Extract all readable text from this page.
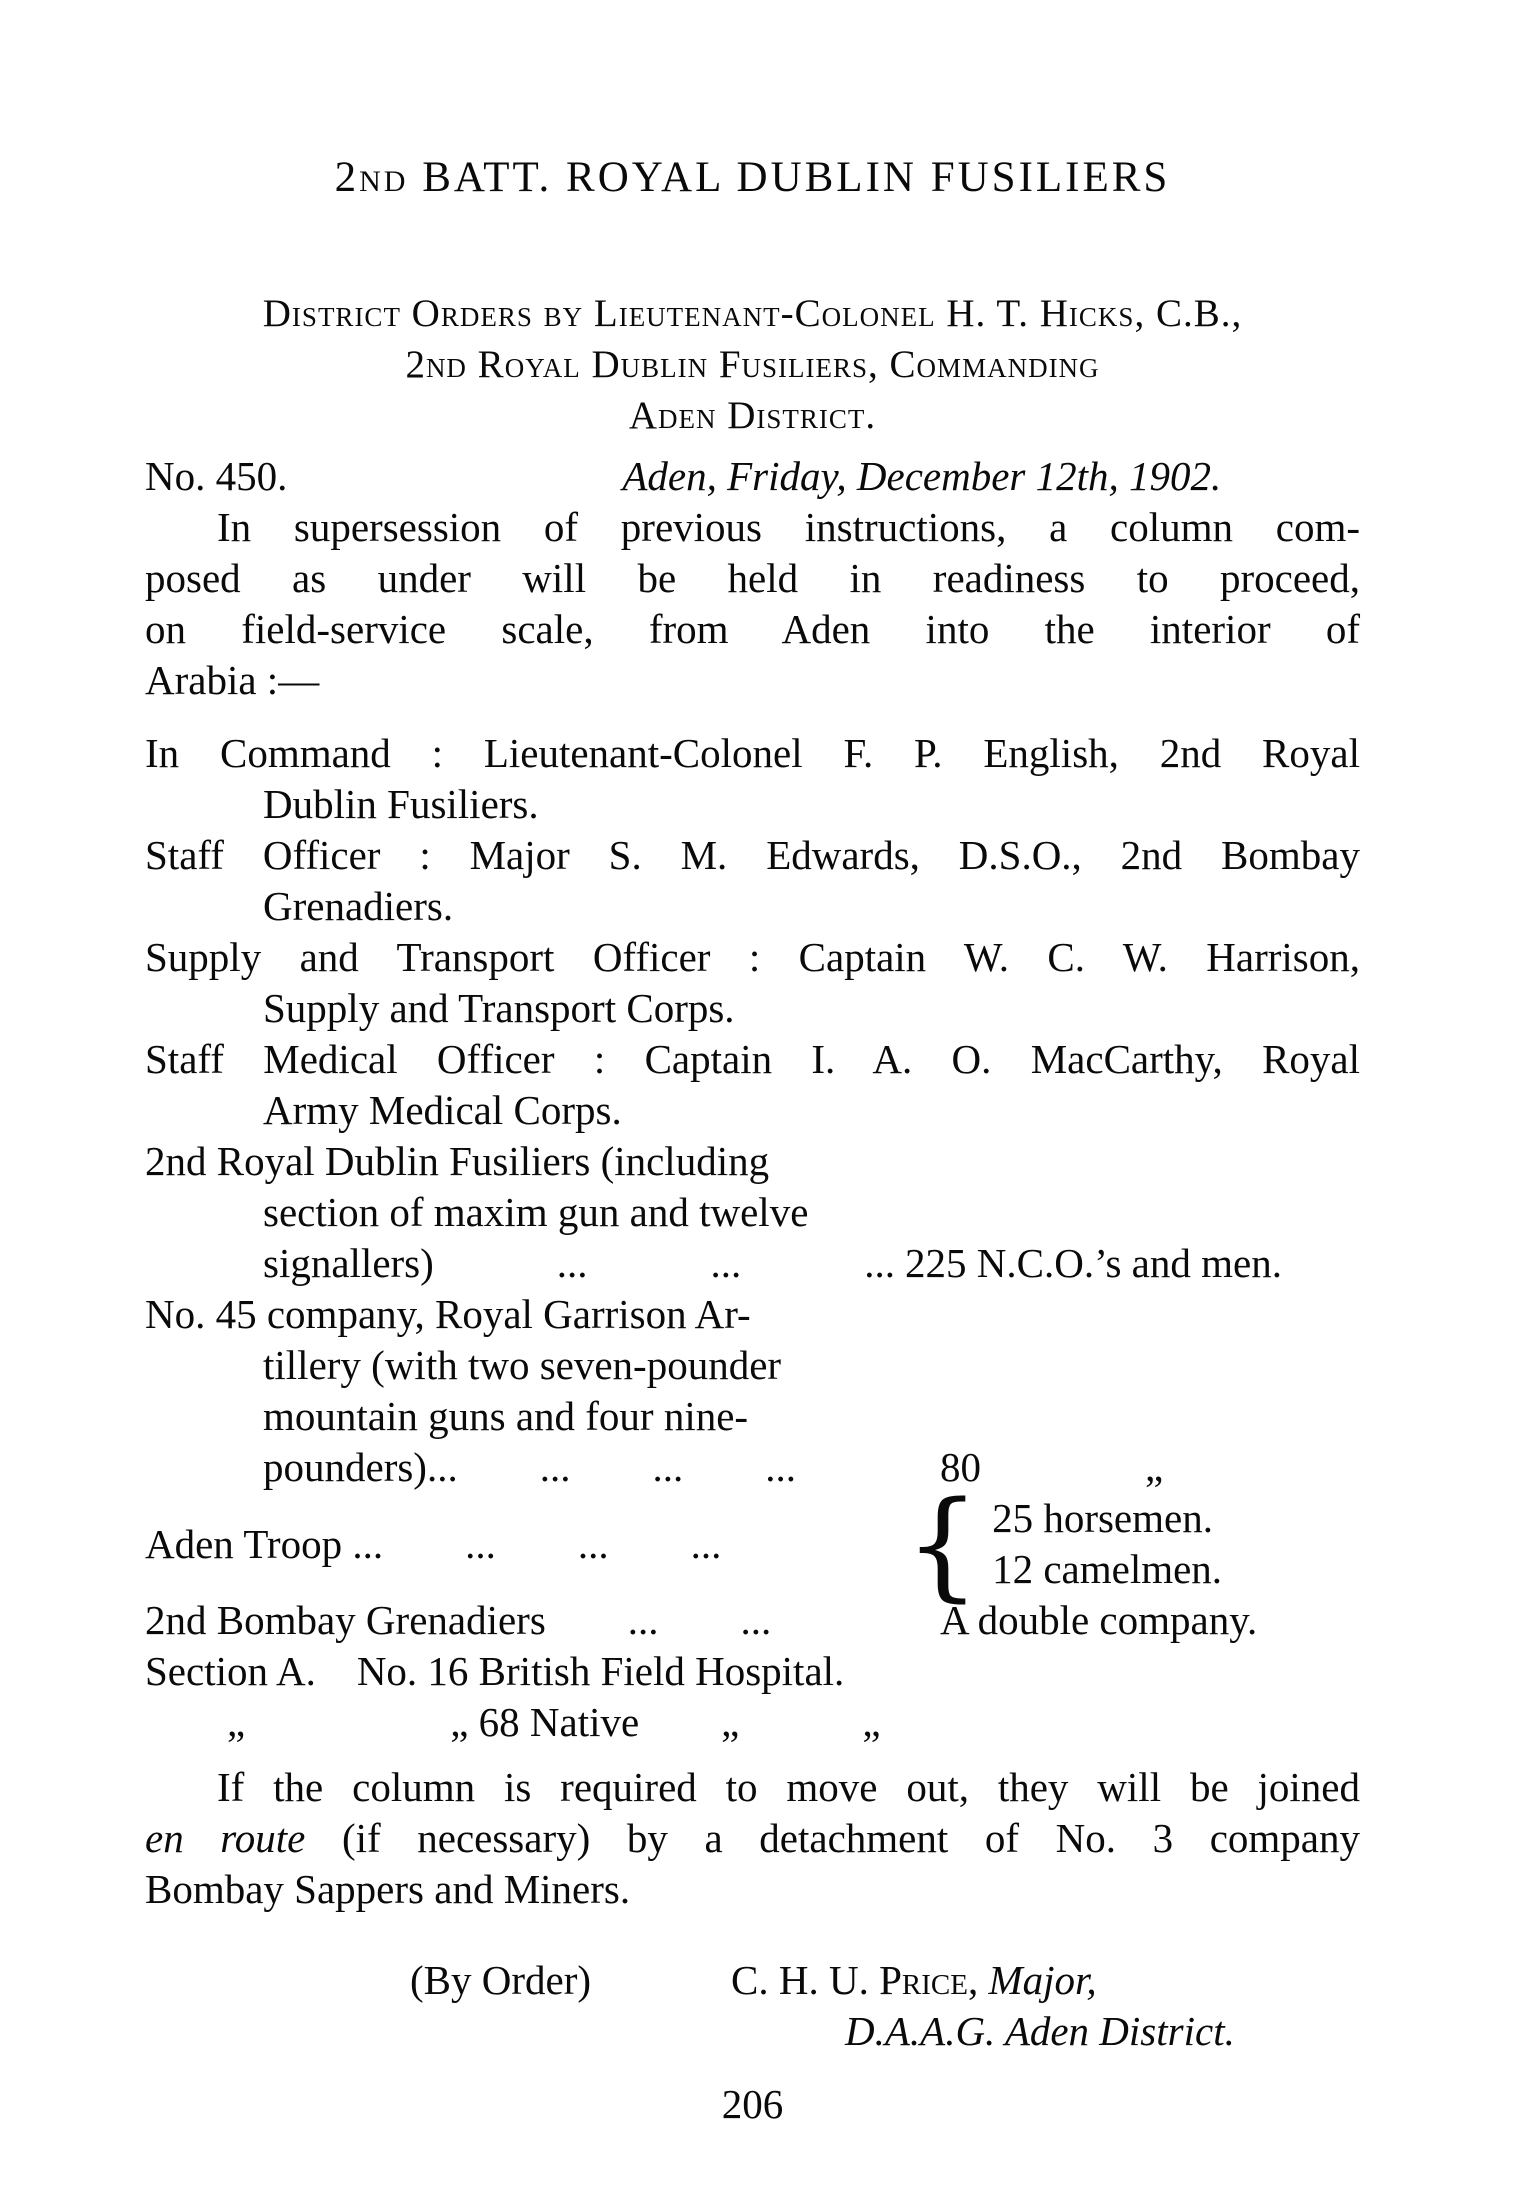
2nd BATT. ROYAL DUBLIN FUSILIERS
District Orders by Lieutenant-Colonel H. T. Hicks, C.B.,
2nd Royal Dublin Fusiliers, Commanding
Aden District.
No. 450.	Aden, Friday, December 12th, 1902.
In supersession of previous instructions, a column com-
posed as under will be held in readiness to proceed,
on field-service scale, from Aden into the interior of
Arabia :—
In Command : Lieutenant-Colonel F. P. English, 2nd Royal
Dublin Fusiliers.
Staff Officer : Major S. M. Edwards, D.S.O., 2nd Bombay
Grenadiers.
Supply and Transport Officer : Captain W. C. W. Harrison,
Supply and Transport Corps.
Staff Medical Officer : Captain I. A. O. MacCarthy, Royal
Army Medical Corps.
2nd Royal Dublin Fusiliers (including
section of maxim gun and twelve
signallers)   ...   ...   ... 225 N.C.O.’s and men.
No. 45 company, Royal Garrison Ar-
tillery (with two seven-pounder
mountain guns and four nine-
pounders)...  ...  ...  ...	80    „
Aden Troop ...  ...  ...  ...	{ 25 horsemen.
12 camelmen.
2nd Bombay Grenadiers  ...  ...	A double company.
Section A. No. 16 British Field Hospital.
  „     „ 68 Native  „   „
If the column is required to move out, they will be joined
en route (if necessary) by a detachment of No. 3 company
Bombay Sappers and Miners.
(By Order)	C. H. U. Price, Major,
D.A.A.G. Aden District.
206
